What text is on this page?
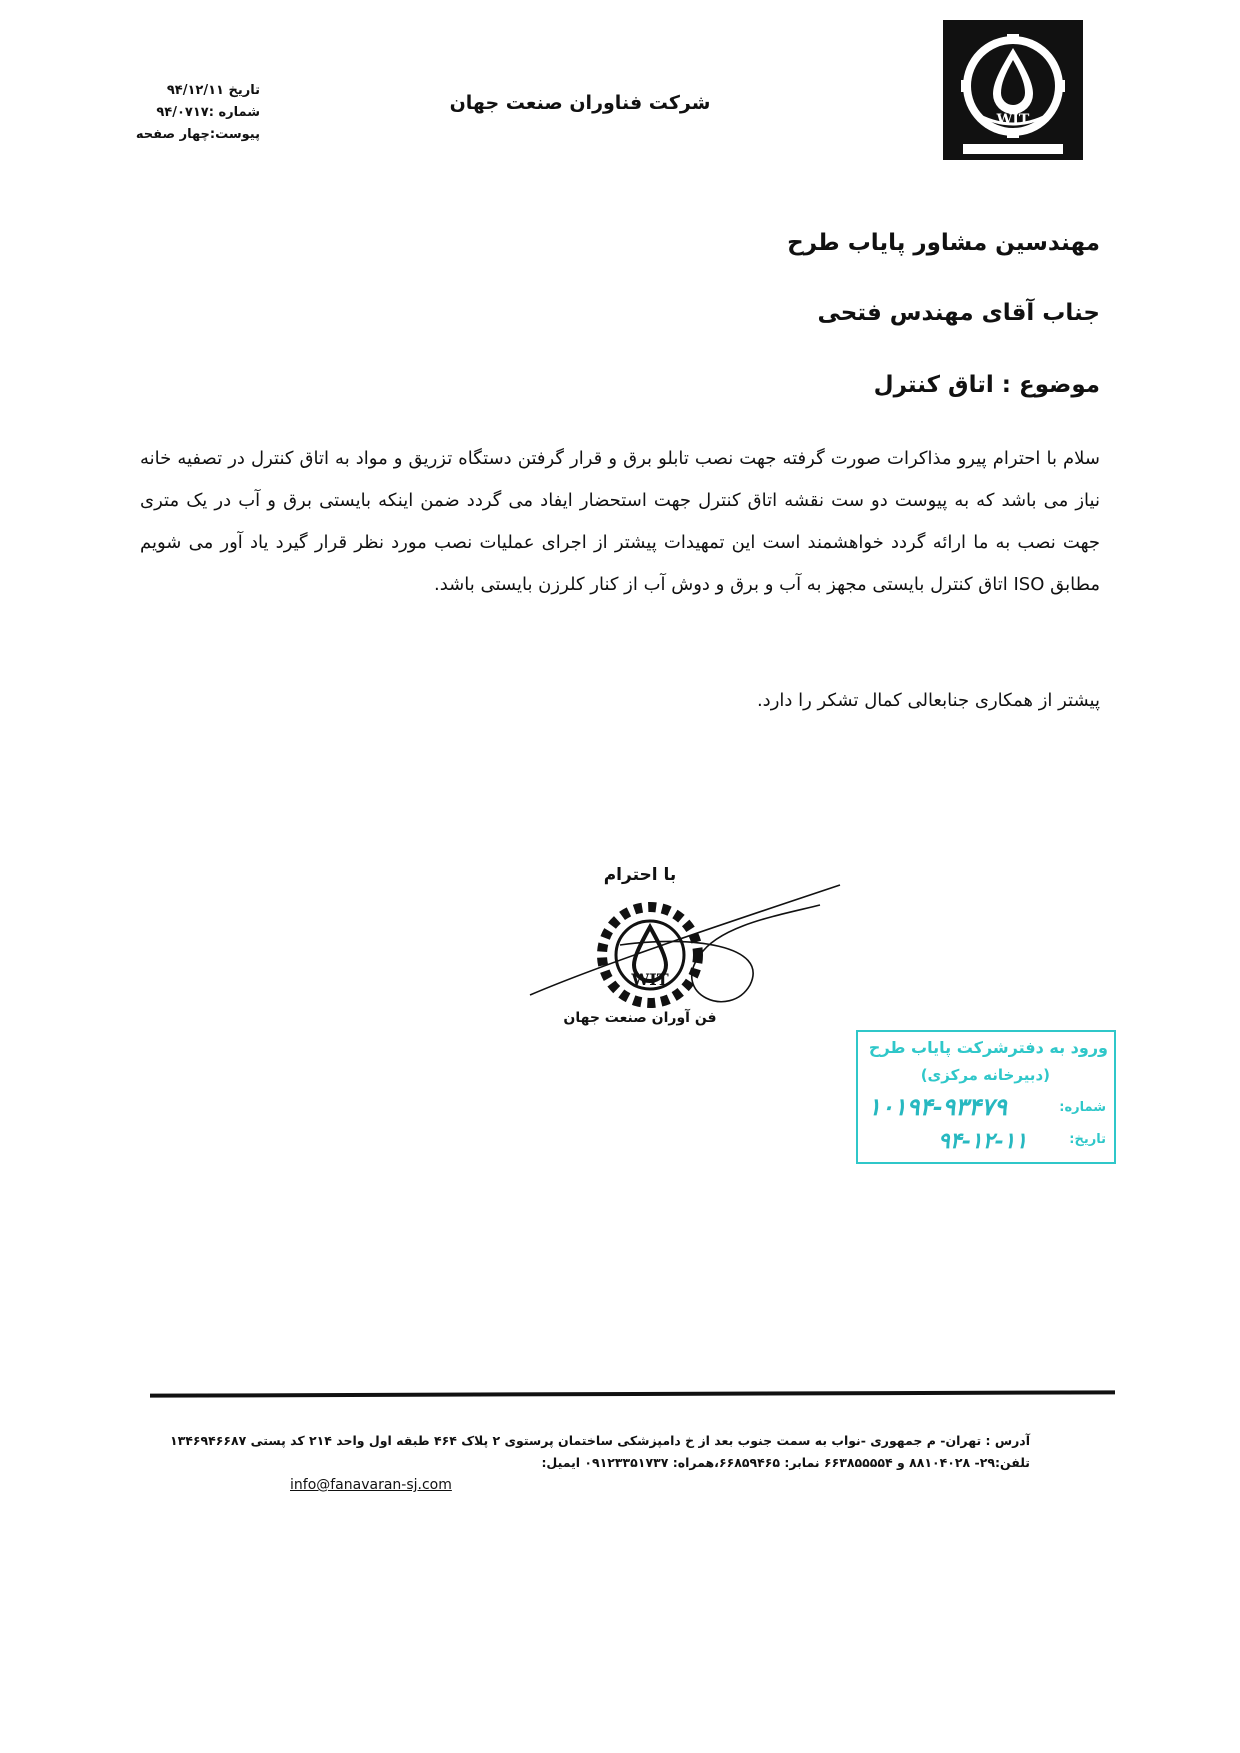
WIT
شرکت فناوران صنعت جهان
تاریخ ۹۴/۱۲/۱۱
شماره :۹۴/۰۷۱۷
پیوست:چهار صفحه
مهندسین مشاور پایاب طرح
جناب آقای مهندس فتحی
موضوع : اتاق کنترل
سلام با احترام پیرو مذاکرات صورت گرفته جهت نصب تابلو برق و قرار گرفتن دستگاه تزریق و مواد به اتاق کنترل در تصفیه خانه نیاز می باشد که به پیوست دو ست نقشه اتاق کنترل جهت استحضار ایفاد می گردد ضمن اینکه بایستی برق و آب در یک متری جهت نصب به ما ارائه گردد خواهشمند است این تمهیدات پیشتر از اجرای عملیات نصب مورد نظر قرار گیرد یاد آور می شویم مطابق ISO اتاق کنترل بایستی مجهز به آب و برق و دوش آب از کنار کلرزن بایستی باشد.
پیشتر از همکاری جنابعالی کمال تشکر را دارد.
WIT
با احترام
فن آوران صنعت جهان
ورود به دفترشرکت پایاب طرح
(دبیرخانه مرکزی)
شماره:
۱۰۱۹۴-۹۳۴۷۹
تاریخ:
۹۴-۱۲-۱۱
آدرس : تهران- م جمهوری -نواب به سمت جنوب بعد از خ دامپزشکی ساختمان پرستوی ۲ پلاک ۴۶۴ طبقه اول واحد ۲۱۴ کد پستی ۱۳۴۶۹۴۶۶۸۷
تلفن:۲۹- ۸۸۱۰۴۰۲۸ و ۶۶۳۸۵۵۵۵۴ نمابر: ۶۶۸۵۹۴۶۵،همراه: ۰۹۱۲۳۳۵۱۷۳۷ ایمیل:
info@fanavaran-sj.com
